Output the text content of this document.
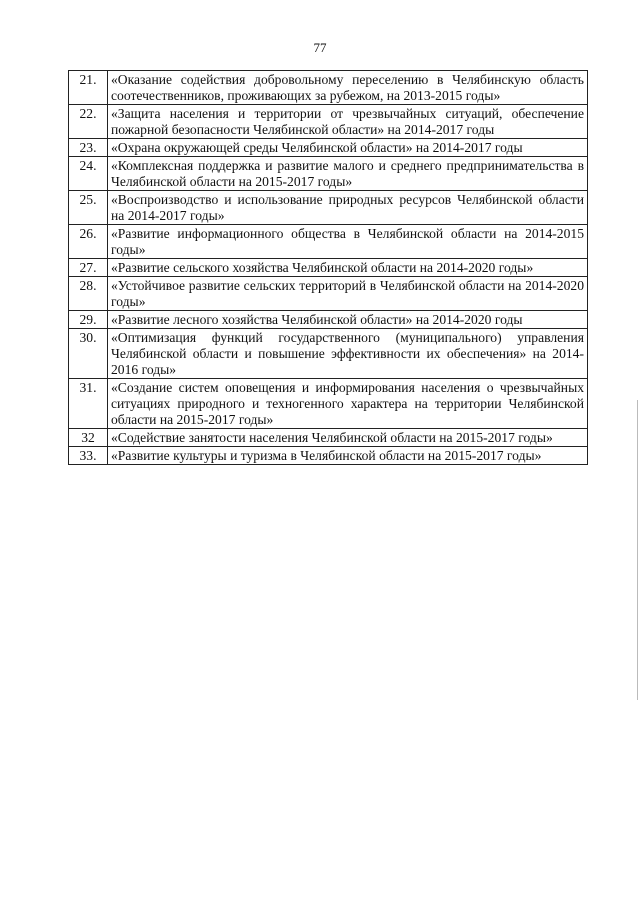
77
21.	«Оказание содействия добровольному переселению в Челябинскую область соотечественников, проживающих за рубежом, на 2013-2015 годы»
22.	«Защита населения и территории от чрезвычайных ситуаций, обеспечение пожарной безопасности Челябинской области» на 2014-2017 годы
23.	«Охрана окружающей среды Челябинской области» на 2014-2017 годы
24.	«Комплексная поддержка и развитие малого и среднего предпринимательства в Челябинской области на 2015-2017 годы»
25.	«Воспроизводство и использование природных ресурсов Челябинской области на 2014-2017 годы»
26.	«Развитие информационного общества в Челябинской области на 2014-2015 годы»
27.	«Развитие сельского хозяйства Челябинской области на 2014-2020 годы»
28.	«Устойчивое развитие сельских территорий в Челябинской области на 2014-2020 годы»
29.	«Развитие лесного хозяйства Челябинской области» на 2014-2020 годы
30.	«Оптимизация функций государственного (муниципального) управления Челябинской области и повышение эффективности их обеспечения» на 2014-2016 годы»
31.	«Создание систем оповещения и информирования населения о чрезвычайных ситуациях природного и техногенного характера на территории Челябинской области на 2015-2017 годы»
32	«Содействие занятости населения Челябинской области на 2015-2017 годы»
33.	«Развитие культуры и туризма в Челябинской области на 2015-2017 годы»
